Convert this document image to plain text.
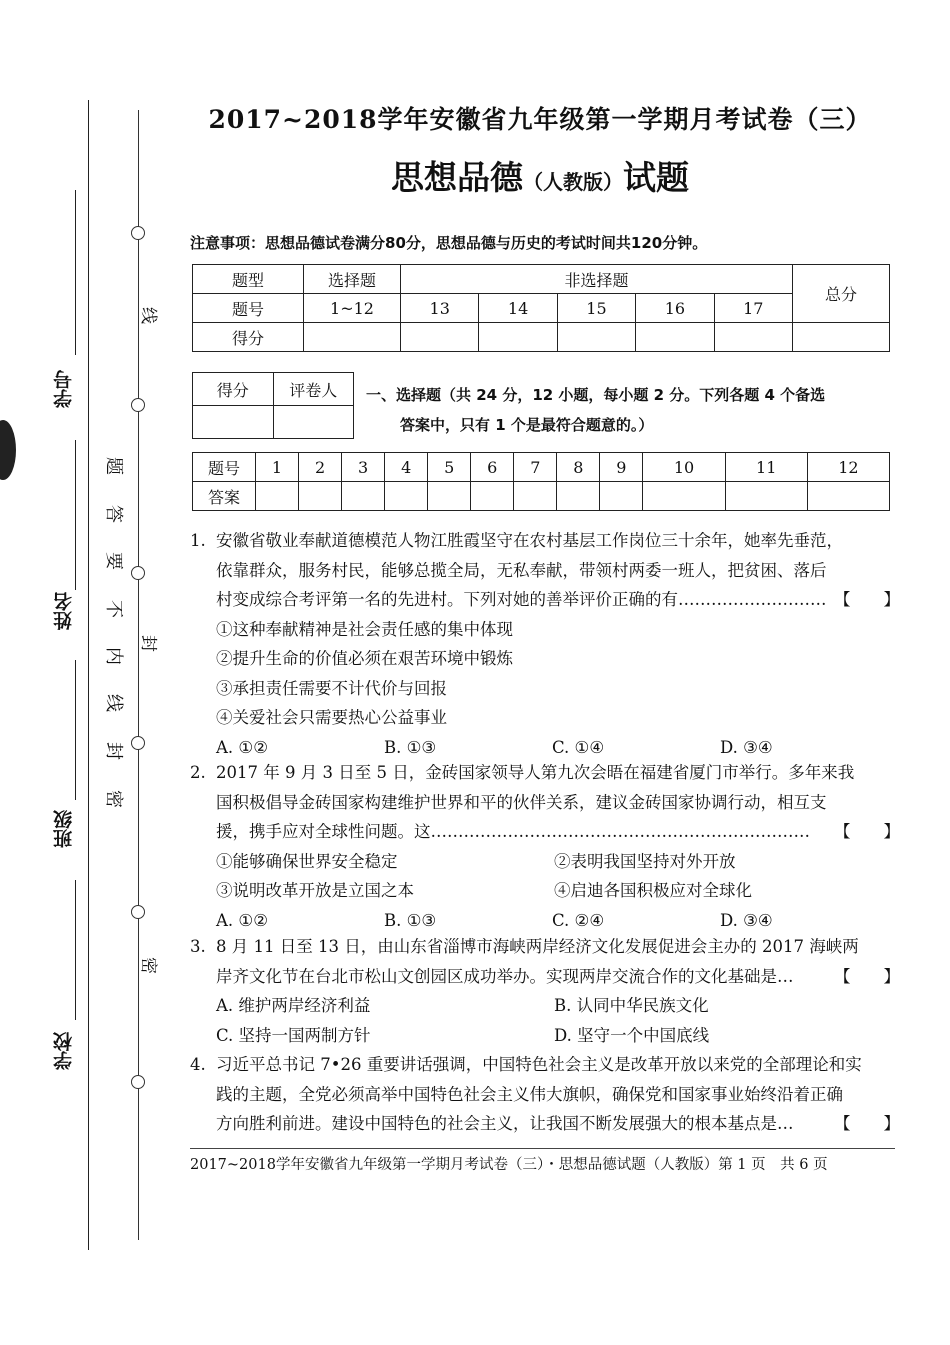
学号
姓名
班级
学校
题
答
要
不
内
线
封
密
线
封
密
2017~2018学年安徽省九年级第一学期月考试卷（三）
思想品德（人教版）试题
注意事项：思想品德试卷满分80分，思想品德与历史的考试时间共120分钟。
题型	选择题	非选择题					总分
题号	1~12	13	14	15	16	17	
得分							
得分	评卷人
	一、选择题（共 24 分，12 小题，每小题 2 分。下列各题 4 个备选
答案中，只有 1 个是最符合题意的。）
题号	1	2	3	4	5	6	7	8	9	10	11	12
答案												

1. 安徽省敬业奉献道德模范人物江胜霞坚守在农村基层工作岗位三十余年，她率先垂范，

依靠群众，服务村民，能够总揽全局，无私奉献，带领村两委一班人，把贫困、落后

村变成综合考评第一名的先进村。下列对她的善举评价正确的有……………………… 【　　】

①这种奉献精神是社会责任感的集中体现

②提升生命的价值必须在艰苦环境中锻炼

③承担责任需要不计代价与回报

④关爱社会只需要热心公益事业

A. ①②	B. ①③	C. ①④	D. ③④

2. 2017 年 9 月 3 日至 5 日，金砖国家领导人第九次会晤在福建省厦门市举行。多年来我

国积极倡导金砖国家构建维护世界和平的伙伴关系，建议金砖国家协调行动，相互支

援，携手应对全球性问题。这…………………………………………………………… 【　　】

①能够确保世界安全稳定	②表明我国坚持对外开放

③说明改革开放是立国之本	④启迪各国积极应对全球化

A. ①②	B. ①③	C. ②④	D. ③④

3. 8 月 11 日至 13 日，由山东省淄博市海峡两岸经济文化发展促进会主办的 2017 海峡两

岸齐文化节在台北市松山文创园区成功举办。实现两岸交流合作的文化基础是… 【　　】

A. 维护两岸经济利益	B. 认同中华民族文化

C. 坚持一国两制方针	D. 坚守一个中国底线

4. 习近平总书记 7•26 重要讲话强调，中国特色社会主义是改革开放以来党的全部理论和实

践的主题，全党必须高举中国特色社会主义伟大旗帜，确保党和国家事业始终沿着正确

方向胜利前进。建设中国特色的社会主义，让我国不断发展强大的根本基点是… 【　　】

2017~2018学年安徽省九年级第一学期月考试卷（三）・思想品德试题（人教版）第 1 页　共 6 页
